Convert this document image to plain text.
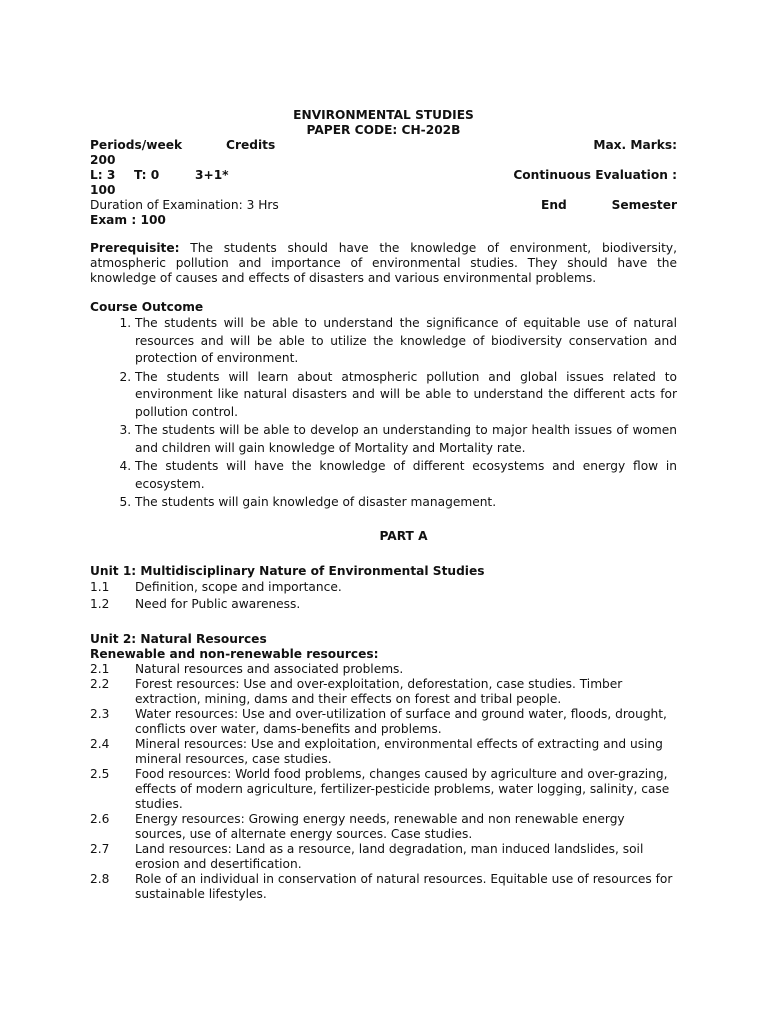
ENVIRONMENTAL STUDIES
PAPER CODE: CH-202B
Periods/week	Credits	Max. Marks:
200
L: 3 T: 0	3+1*	Continuous Evaluation :
100
Duration of Examination: 3 Hrs	End	Semester
Exam : 100
Prerequisite: The students should have the knowledge of environment, biodiversity, atmospheric pollution and importance of environmental studies. They should have the knowledge of causes and effects of disasters and various environmental problems.
Course Outcome
1. The students will be able to understand the significance of equitable use of natural resources and will be able to utilize the knowledge of biodiversity conservation and protection of environment.
2. The students will learn about atmospheric pollution and global issues related to environment like natural disasters and will be able to understand the different acts for pollution control.
3. The students will be able to develop an understanding to major health issues of women and children will gain knowledge of Mortality and Mortality rate.
4. The students will have the knowledge of different ecosystems and energy flow in ecosystem.
5. The students will gain knowledge of disaster management.
PART A
Unit 1: Multidisciplinary Nature of Environmental Studies
1.1	Definition, scope and importance.
1.2	Need for Public awareness.
Unit 2: Natural Resources
Renewable and non-renewable resources:
2.1	Natural resources and associated problems.
2.2	Forest resources: Use and over-exploitation, deforestation, case studies. Timber extraction, mining, dams and their effects on forest and tribal people.
2.3	Water resources: Use and over-utilization of surface and ground water, floods, drought, conflicts over water, dams-benefits and problems.
2.4	Mineral resources: Use and exploitation, environmental effects of extracting and using mineral resources, case studies.
2.5	Food resources: World food problems, changes caused by agriculture and over-grazing, effects of modern agriculture, fertilizer-pesticide problems, water logging, salinity, case studies.
2.6	Energy resources: Growing energy needs, renewable and non renewable energy sources, use of alternate energy sources. Case studies.
2.7	Land resources: Land as a resource, land degradation, man induced landslides, soil erosion and desertification.
2.8	Role of an individual in conservation of natural resources. Equitable use of resources for sustainable lifestyles.
